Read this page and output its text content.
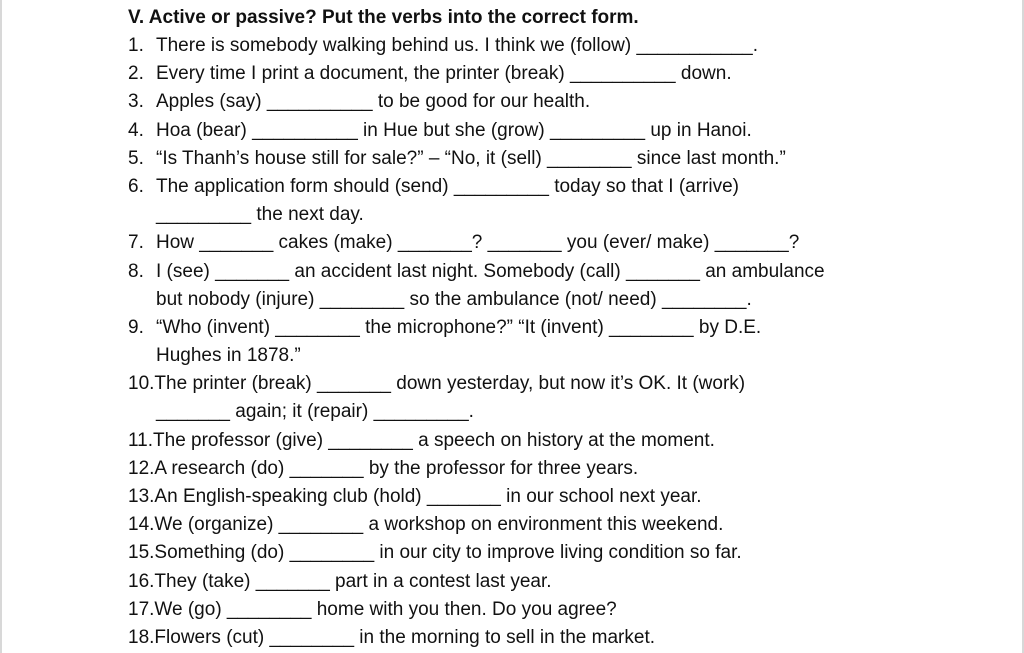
V. Active or passive? Put the verbs into the correct form.
1. There is somebody walking behind us. I think we (follow) ___________.
2. Every time I print a document, the printer (break) __________ down.
3. Apples (say) __________ to be good for our health.
4. Hoa (bear) __________ in Hue but she (grow) _________ up in Hanoi.
5. “Is Thanh’s house still for sale?” – “No, it (sell) ________ since last month.”
6. The application form should (send) _________ today so that I (arrive)
_________ the next day.
7. How _______ cakes (make) _______? _______ you (ever/ make) _______?
8. I (see) _______ an accident last night. Somebody (call) _______ an ambulance
but nobody (injure) ________ so the ambulance (not/ need) ________.
9. “Who (invent) ________ the microphone?” “It (invent) ________ by D.E.
Hughes in 1878.”
10. The printer (break) _______ down yesterday, but now it’s OK. It (work)
_______ again; it (repair) _________.
11. The professor (give) ________ a speech on history at the moment.
12. A research (do) _______ by the professor for three years.
13. An English-speaking club (hold) _______ in our school next year.
14. We (organize) ________ a workshop on environment this weekend.
15. Something (do) ________ in our city to improve living condition so far.
16. They (take) _______ part in a contest last year.
17. We (go) ________ home with you then. Do you agree?
18. Flowers (cut) ________ in the morning to sell in the market.
